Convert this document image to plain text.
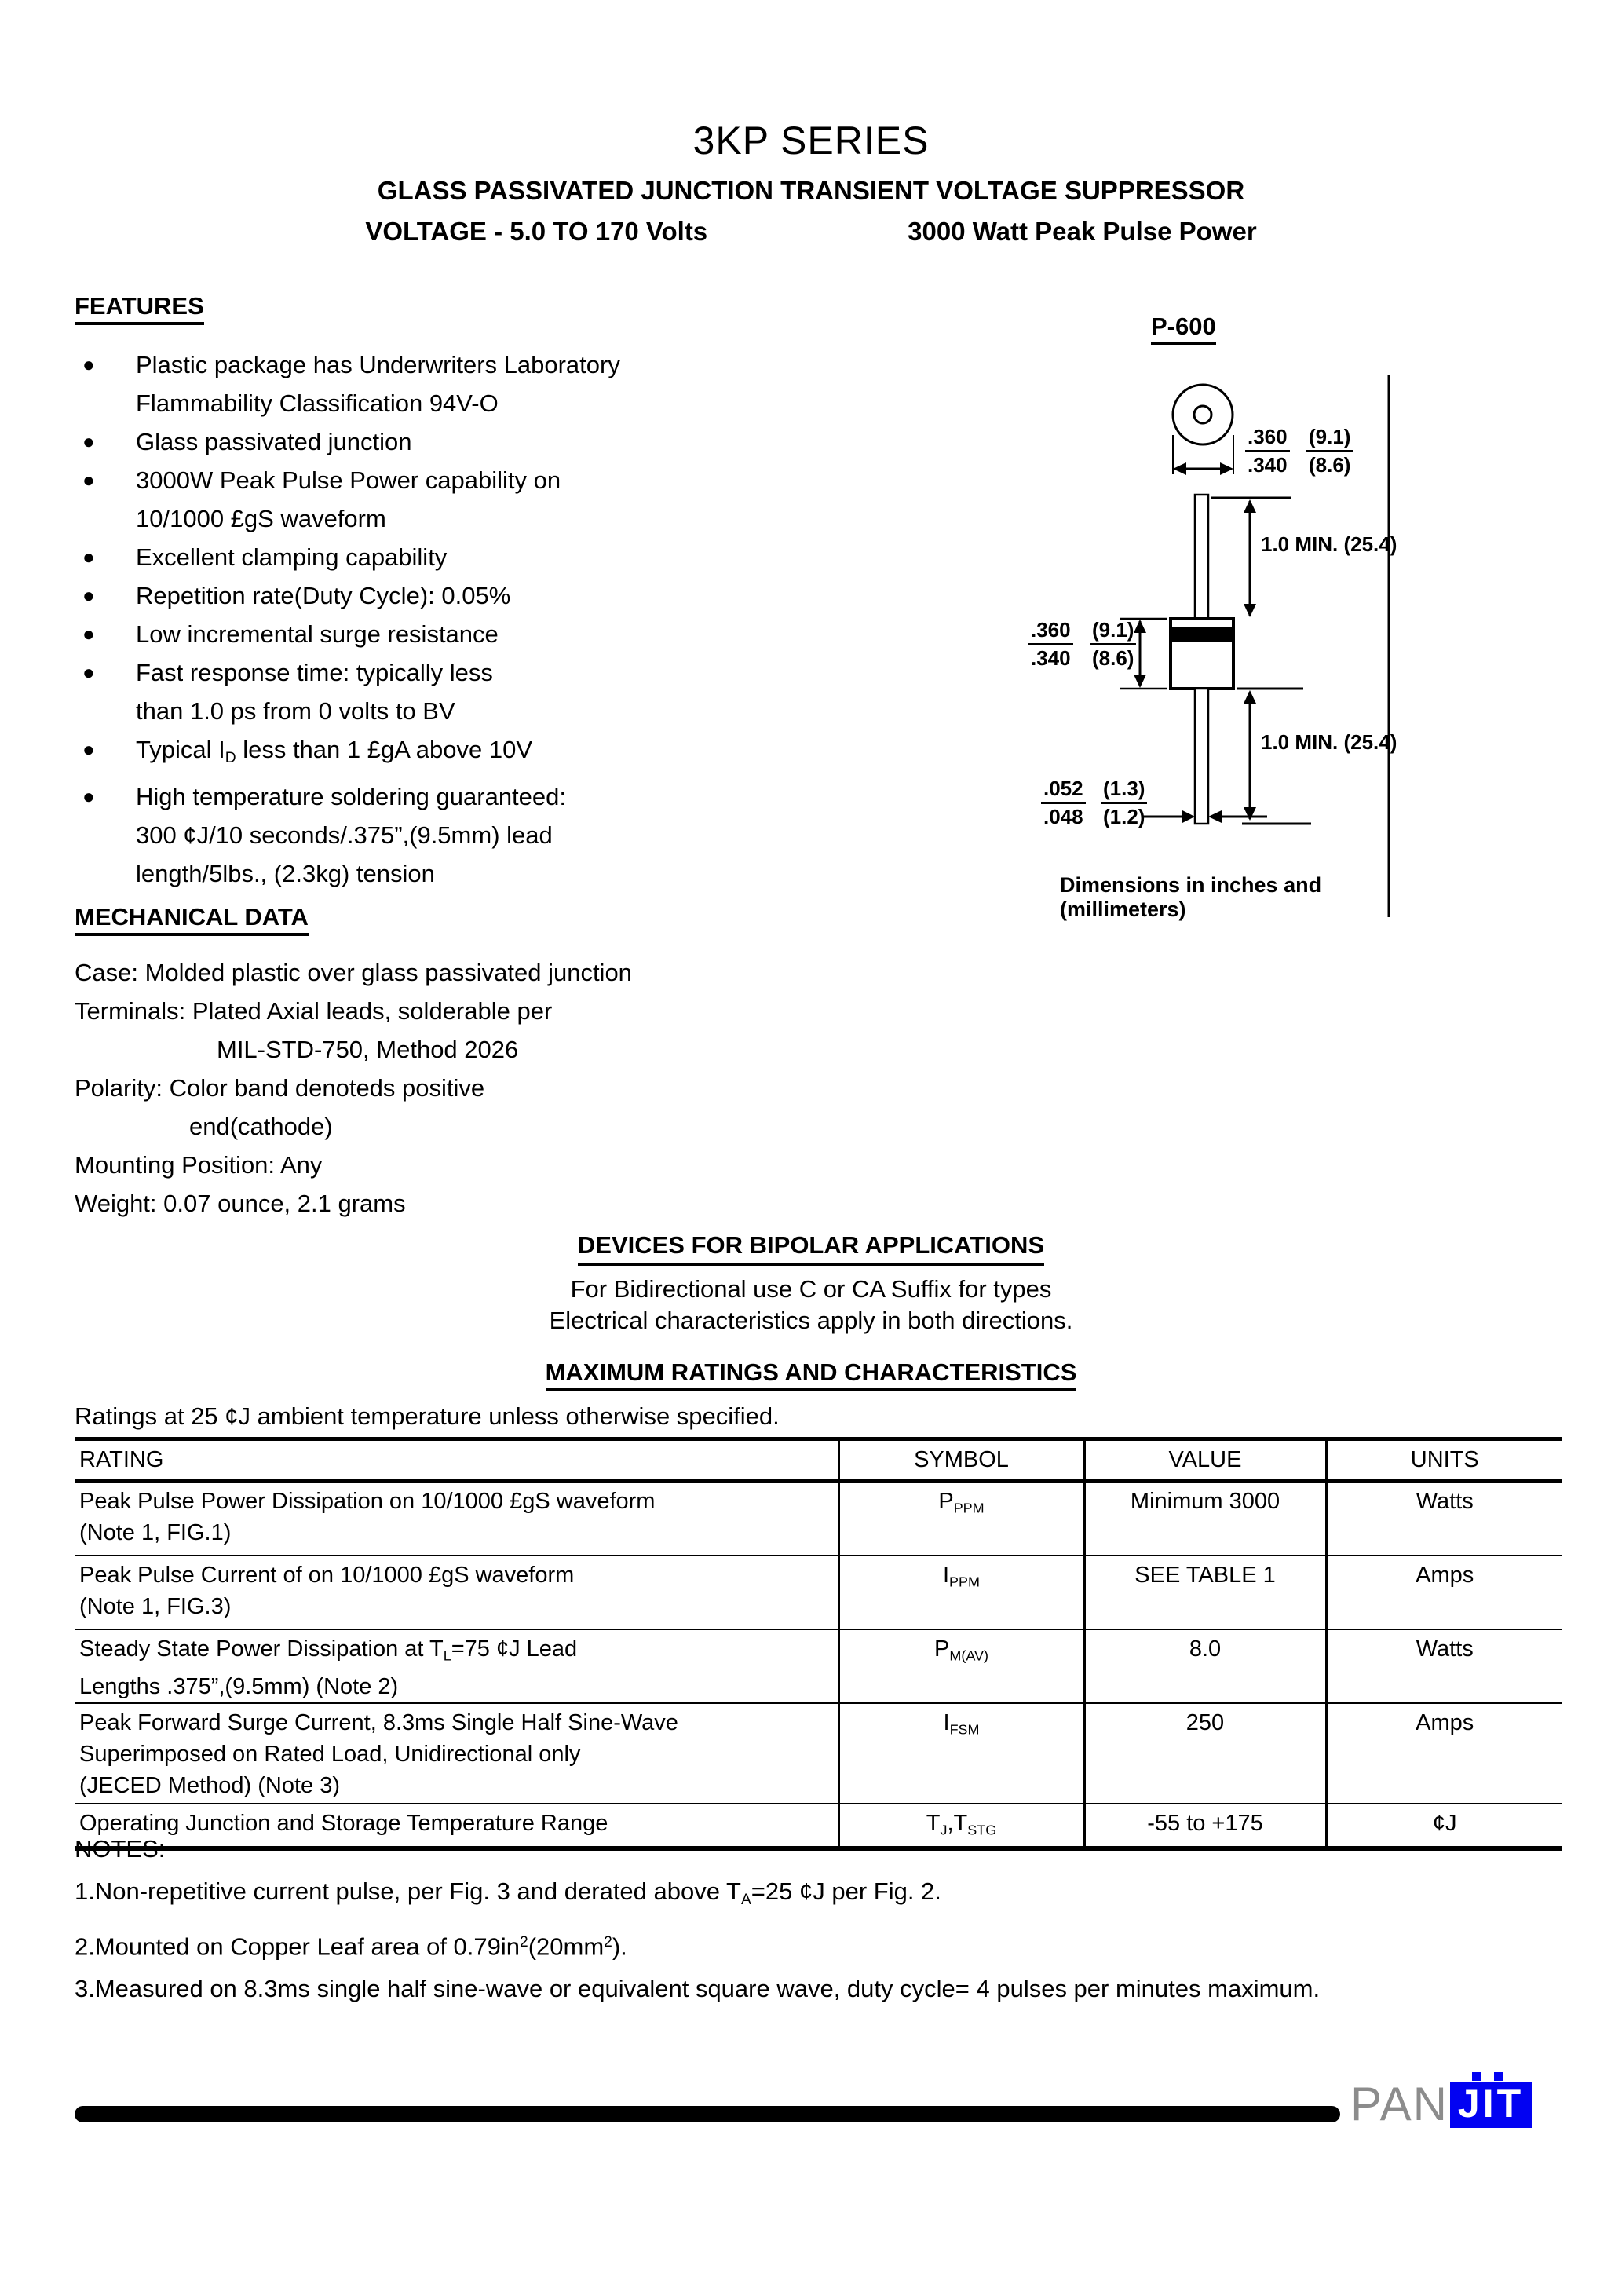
3KP SERIES
GLASS PASSIVATED JUNCTION TRANSIENT VOLTAGE SUPPRESSOR
VOLTAGE - 5.0 TO 170 Volts	3000 Watt Peak Pulse Power
FEATURES
● Plastic package has Underwriters Laboratory
Flammability Classification 94V-O
● Glass passivated junction
● 3000W Peak Pulse Power capability on
10/1000 £gS waveform
● Excellent clamping capability
● Repetition rate(Duty Cycle): 0.05%
● Low incremental surge resistance
● Fast response time: typically less
than 1.0 ps from 0 volts to BV
● Typical $I_D$ less than 1 £gA above 10V
● High temperature soldering guaranteed:
300 ¢J/10 seconds/.375”,(9.5mm) lead
length/5lbs., (2.3kg) tension
P-600
$\frac{.360}{.340} \frac{(9.1)}{(8.6)}$
1.0 MIN. (25.4)
$\frac{.360}{.340} \frac{(9.1)}{(8.6)}$
1.0 MIN. (25.4)
$\frac{.052}{.048} \frac{(1.3)}{(1.2)}$
Dimensions in inches and (millimeters)
MECHANICAL DATA
Case: Molded plastic over glass passivated junction
Terminals: Plated Axial leads, solderable per
MIL-STD-750, Method 2026
Polarity: Color band denoteds positive
end(cathode)
Mounting Position: Any
Weight: 0.07 ounce, 2.1 grams
DEVICES FOR BIPOLAR APPLICATIONS
For Bidirectional use C or CA Suffix for types
Electrical characteristics apply in both directions.
MAXIMUM RATINGS AND CHARACTERISTICS
Ratings at 25 ¢J ambient temperature unless otherwise specified.
RATING	SYMBOL	VALUE	UNITS

Peak Pulse Power Dissipation on 10/1000 £gS waveform
(Note 1, FIG.1)	$P_{PPM}$	Minimum 3000	Watts

Peak Pulse Current of on 10/1000 £gS waveform
(Note 1, FIG.3)	$I_{PPM}$	SEE TABLE 1	Amps

Steady State Power Dissipation at $T_L=75$ ¢J Lead
Lengths .375”,(9.5mm) (Note 2)	$P_{M(AV)}$	8.0	Watts

Peak Forward Surge Current, 8.3ms Single Half Sine-Wave
Superimposed on Rated Load, Unidirectional only
(JECED Method) (Note 3)	$I_{FSM}$	250	Amps
Operating Junction and Storage Temperature Range	$T_J,T_{STG}$	-55 to +175	¢J
NOTES:
1.Non-repetitive current pulse, per Fig. 3 and derated above $T_A=25$ ¢J per Fig. 2.
2.Mounted on Copper Leaf area of $0.79in^2(20mm^2)$.
3.Measured on 8.3ms single half sine-wave or equivalent square wave, duty cycle= 4 pulses per minutes maximum.
PAN JIT
